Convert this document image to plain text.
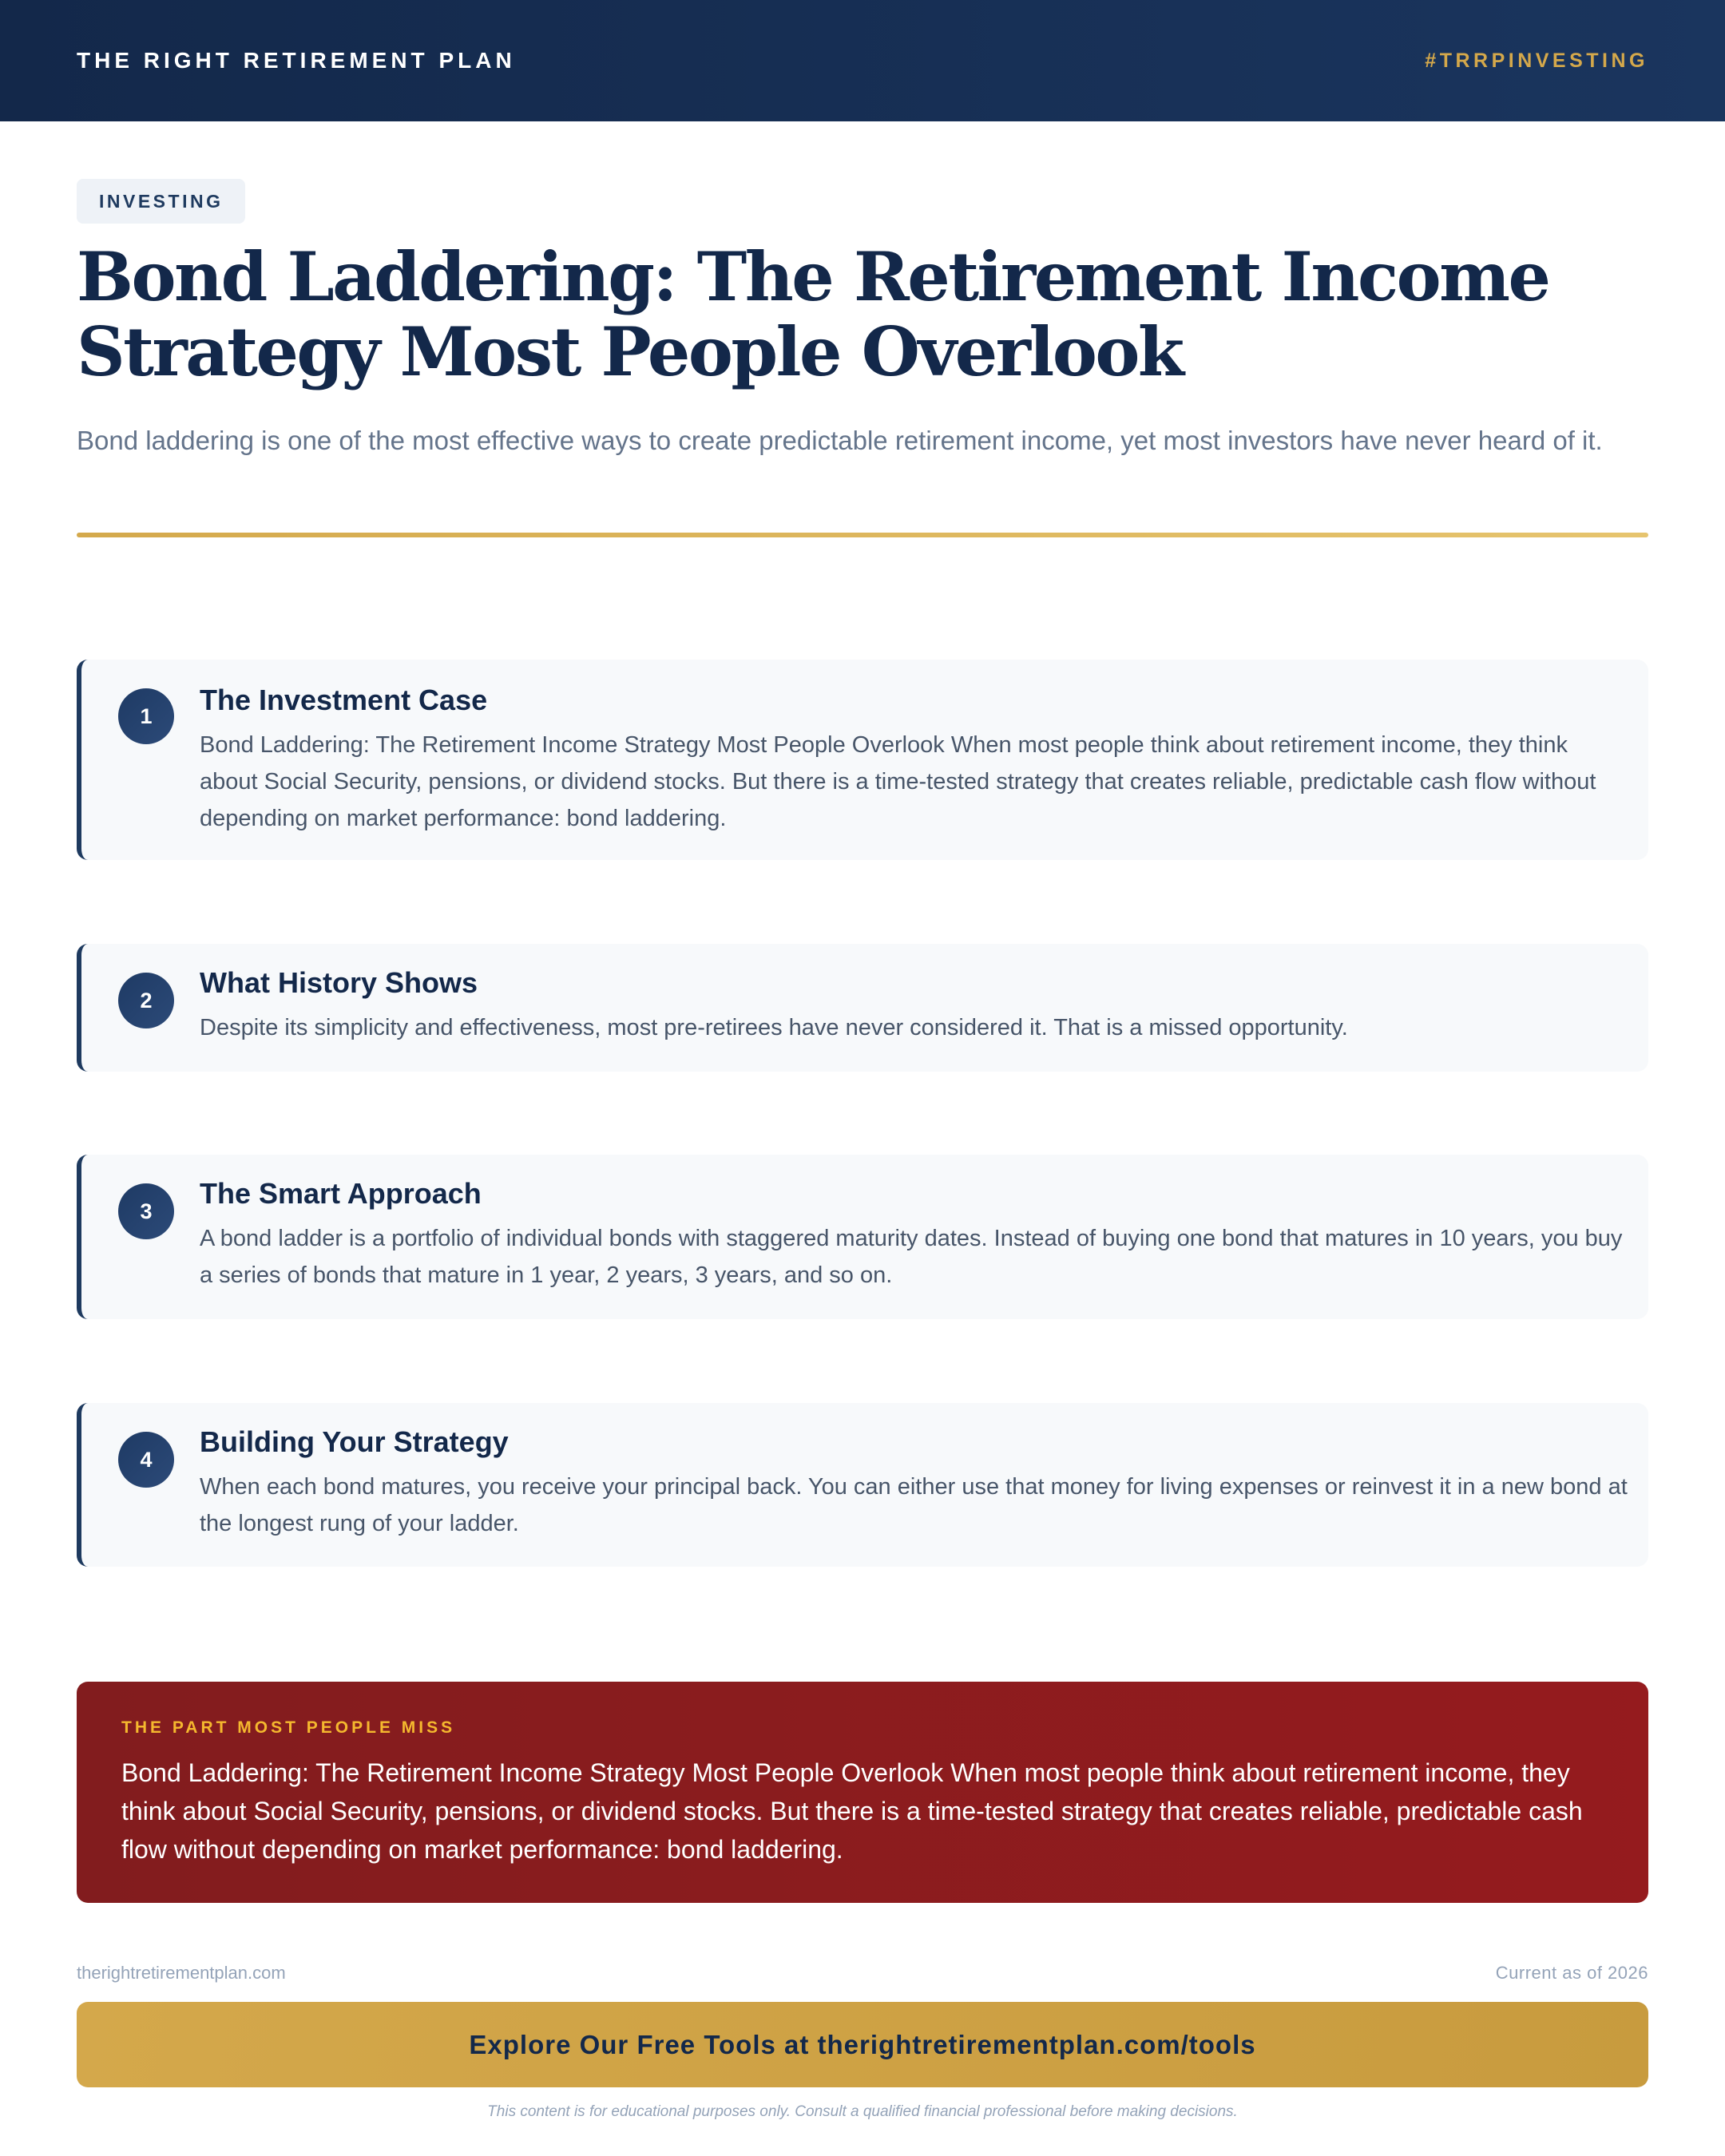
THE RIGHT RETIREMENT PLAN	#TRRPINVESTING
INVESTING
Bond Laddering: The Retirement Income Strategy Most People Overlook

Bond laddering is one of the most effective ways to create predictable retirement income, yet most investors have never heard of it.

1	The Investment Case

Bond Laddering: The Retirement Income Strategy Most People Overlook When most people think about retirement income, they think about Social Security, pensions, or dividend stocks. But there is a time-tested strategy that creates reliable, predictable cash flow without depending on market performance: bond laddering.

2
What History Shows

Despite its simplicity and effectiveness, most pre-retirees have never considered it. That is a missed opportunity.

3
The Smart Approach

A bond ladder is a portfolio of individual bonds with staggered maturity dates. Instead of buying one bond that matures in 10 years, you buy a series of bonds that mature in 1 year, 2 years, 3 years, and so on.

4
Building Your Strategy

When each bond matures, you receive your principal back. You can either use that money for living expenses or reinvest it in a new bond at the longest rung of your ladder.

THE PART MOST PEOPLE MISS

Bond Laddering: The Retirement Income Strategy Most People Overlook When most people think about retirement income, they think about Social Security, pensions, or dividend stocks. But there is a time-tested strategy that creates reliable, predictable cash flow without depending on market performance: bond laddering.

therightretirementplan.com	Current as of 2026
Explore Our Free Tools at therightretirementplan.com/tools

This content is for educational purposes only. Consult a qualified financial professional before making decisions.
